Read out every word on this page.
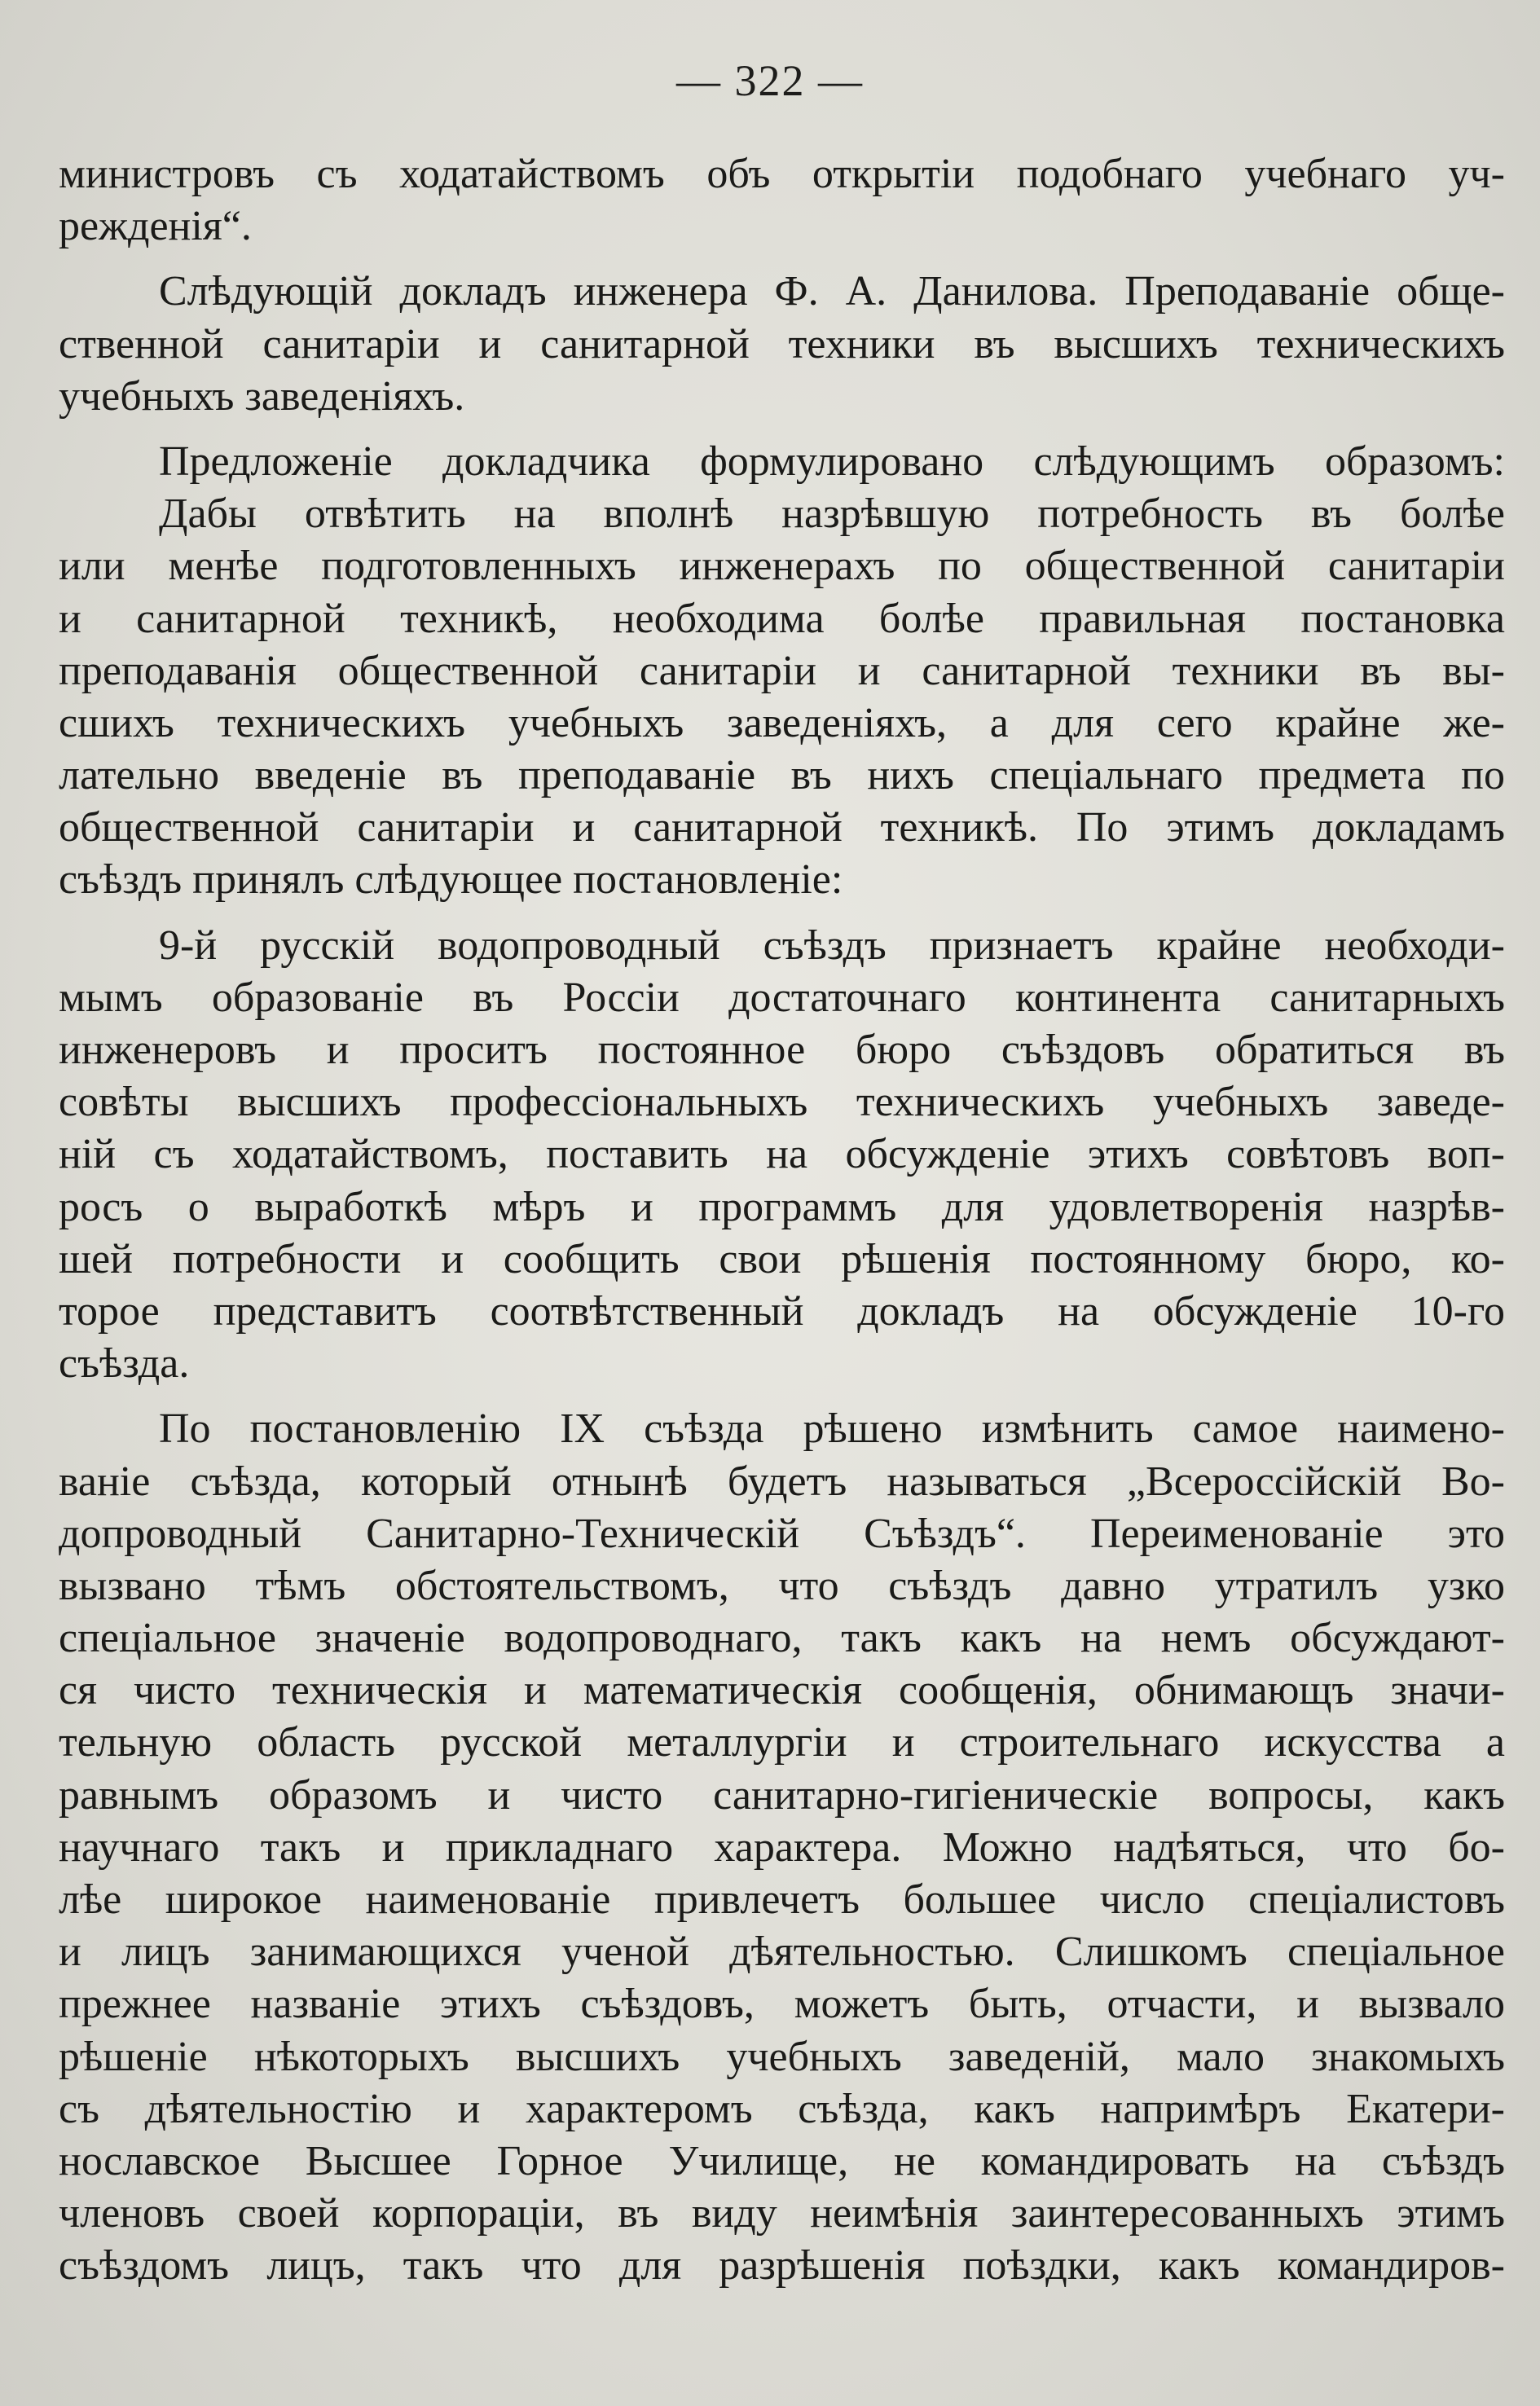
— 322 —
министровъ съ ходатайствомъ объ открытіи подобнаго учебнаго уч-
режденія“.
Слѣдующій докладъ инженера Ф. А. Данилова. Преподаваніе обще-
ственной санитаріи и санитарной техники въ высшихъ техническихъ
учебныхъ заведеніяхъ.
Предложеніе докладчика формулировано слѣдующимъ образомъ:
Дабы отвѣтить на вполнѣ назрѣвшую потребность въ болѣе
или менѣе подготовленныхъ инженерахъ по общественной санитаріи
и санитарной техникѣ, необходима болѣе правильная постановка
преподаванія общественной санитаріи и санитарной техники въ вы-
сшихъ техническихъ учебныхъ заведеніяхъ, а для сего крайне же-
лательно введеніе въ преподаваніе въ нихъ спеціальнаго предмета по
общественной санитаріи и санитарной техникѣ. По этимъ докладамъ
съѣздъ принялъ слѣдующее постановленіе:
9-й русскій водопроводный съѣздъ признаетъ крайне необходи-
мымъ образованіе въ Россіи достаточнаго континента санитарныхъ
инженеровъ и проситъ постоянное бюро съѣздовъ обратиться въ
совѣты высшихъ профессіональныхъ техническихъ учебныхъ заведе-
ній съ ходатайствомъ, поставить на обсужденіе этихъ совѣтовъ воп-
росъ о выработкѣ мѣръ и программъ для удовлетворенія назрѣв-
шей потребности и сообщить свои рѣшенія постоянному бюро, ко-
торое представитъ соотвѣтственный докладъ на обсужденіе 10-го
съѣзда.
По постановленію IX съѣзда рѣшено измѣнить самое наимено-
ваніе съѣзда, который отнынѣ будетъ называться „Всероссійскій Во-
допроводный Санитарно-Техническій Съѣздъ“. Переименованіе это
вызвано тѣмъ обстоятельствомъ, что съѣздъ давно утратилъ узко
спеціальное значеніе водопроводнаго, такъ какъ на немъ обсуждают-
ся чисто техническія и математическія сообщенія, обнимающъ значи-
тельную область русской металлургіи и строительнаго искусства а
равнымъ образомъ и чисто санитарно-гигіеническіе вопросы, какъ
научнаго такъ и прикладнаго характера. Можно надѣяться, что бо-
лѣе широкое наименованіе привлечетъ большее число спеціалистовъ
и лицъ занимающихся ученой дѣятельностью. Слишкомъ спеціальное
прежнее названіе этихъ съѣздовъ, можетъ быть, отчасти, и вызвало
рѣшеніе нѣкоторыхъ высшихъ учебныхъ заведеній, мало знакомыхъ
съ дѣятельностію и характеромъ съѣзда, какъ напримѣръ Екатери-
нославское Высшее Горное Училище, не командировать на съѣздъ
членовъ своей корпораціи, въ виду неимѣнія заинтересованныхъ этимъ
съѣздомъ лицъ, такъ что для разрѣшенія поѣздки, какъ командиров-
